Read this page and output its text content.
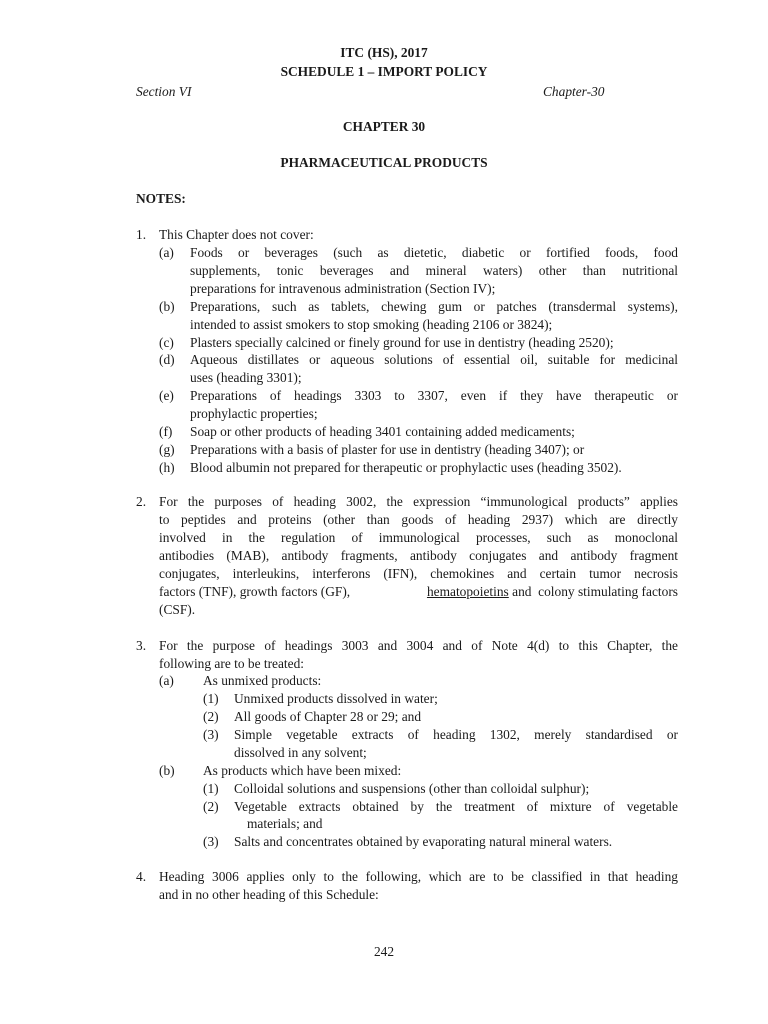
ITC (HS), 2017
SCHEDULE 1 – IMPORT POLICY
Section VI	Chapter-30
CHAPTER 30
PHARMACEUTICAL PRODUCTS
NOTES:
1. This Chapter does not cover:
(a) Foods or beverages (such as dietetic, diabetic or fortified foods, food
supplements, tonic beverages and mineral waters) other than nutritional
preparations for intravenous administration (Section IV);
(b) Preparations, such as tablets, chewing gum or patches (transdermal systems),
intended to assist smokers to stop smoking (heading 2106 or 3824);
(c) Plasters specially calcined or finely ground for use in dentistry (heading 2520);
(d) Aqueous distillates or aqueous solutions of essential oil, suitable for medicinal
uses (heading 3301);
(e) Preparations of headings 3303 to 3307, even if they have therapeutic or
prophylactic properties;
(f) Soap or other products of heading 3401 containing added medicaments;
(g) Preparations with a basis of plaster for use in dentistry (heading 3407); or
(h) Blood albumin not prepared for therapeutic or prophylactic uses (heading 3502).
2. For the purposes of heading 3002, the expression “immunological products” applies
to peptides and proteins (other than goods of heading 2937) which are directly
involved in the regulation of immunological processes, such as monoclonal
antibodies (MAB), antibody fragments, antibody conjugates and antibody fragment
conjugates, interleukins, interferons (IFN), chemokines and certain tumor necrosis
factors (TNF), growth factors (GF),	hematopoietins and  colony stimulating factors
(CSF).
3. For the purpose of headings 3003 and 3004 and of Note 4(d) to this Chapter, the
following are to be treated:
(a) As unmixed products:
(1) Unmixed products dissolved in water;
(2) All goods of Chapter 28 or 29; and
(3) Simple vegetable extracts of heading 1302, merely standardised or
dissolved in any solvent;
(b) As products which have been mixed:
(1) Colloidal solutions and suspensions (other than colloidal sulphur);
(2) Vegetable extracts obtained by the treatment of mixture of vegetable
materials; and
(3) Salts and concentrates obtained by evaporating natural mineral waters.
4. Heading 3006 applies only to the following, which are to be classified in that heading
and in no other heading of this Schedule:
242
